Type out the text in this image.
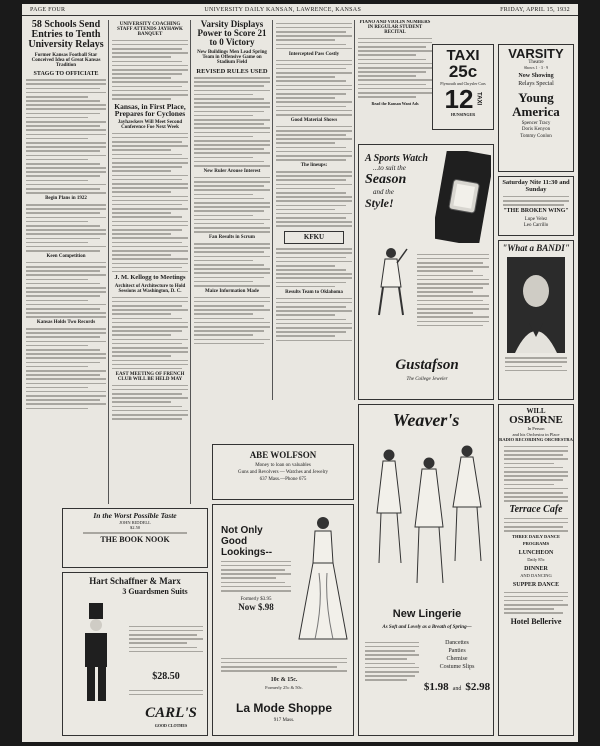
PAGE FOUR	UNIVERSITY DAILY KANSAN, LAWRENCE, KANSAS	FRIDAY, APRIL 15, 1932
58 Schools Send Entries to Tenth University Relays
Former Kansas Football Star Conceived Idea of Great Kansas Tradition
STAGG TO OFFICIATE
Begin Plans in 1922
Keen Competition
Kansas Holds Two Records
UNIVERSITY COACHING STAFF ATTENDS JAYHAWK BANQUET
Kansas, in First Place, Prepares for Cyclones
Jayhawkers Will Meet Second Conference Foe Next Week
J. M. Kellogg to Meetings
Architect of Architecture to Hold Sessions at Washington, D. C.
EAST MEETING OF FRENCH CLUB WILL BE HELD MAY
Varsity Displays Power to Score 21 to 0 Victory
New Buildings Men Lead Spring Team in Offensive Game on Stadium Field
REVISED RULES USED
New Ruler Arouse Interest
Fan Results in Scrum
Maize Information Made
Intercepted Pass Costly
Good Material Shows
The lineups:
KFKU
Results Team to Oklahoma
PIANO AND VIOLIN NUMBERS IN REGULAR STUDENT RECITAL
Read the Kansan Want Ads
TAXI
25c
Plymouth and Chrysler Cars
12 TAXI
HUNSINGER
VARSITY
Theatre
Shows 1 · 3 · 9
Now Showing
Relays Special
Young America
Spencer Tracy
Doris Kenyon
Tommy Conlon
Saturday Nite 11:30 and Sunday
"THE BROKEN WING"
Lupe Velez
Leo Carrillo
A Sports Watch
...to suit the
Season
and the
Style!
Gustafson
The College Jeweler
"What a BANDI"
WILL
OSBORNE
In Person
and his Orchestra in Place
RADIO RECORDING ORCHESTRA
Terrace Cafe
THREE DAILY DANCE PROGRAMS
LUNCHEON
Daily 85c
DINNER
AND DANCING
SUPPER DANCE
Hotel Bellerive
In the Worst Possible Taste
JOHN RIDDELL
$2.50
THE BOOK NOOK
Hart Schaffner & Marx
3 Guardsmen Suits
$28.50
CARL'S
GOOD CLOTHES
ABE WOLFSON
Money to loan on valuables
Guns and Revolvers — Watches and Jewelry
637 Mass.—Phone 675
Not Only
Good Lookings--
Formerly $3.95
Now $.98
10c & 15c.
Formerly 25c & 50c.
La Mode Shoppe
917 Mass.
Weaver's
New Lingerie
As Soft and Lovely as a Breath of Spring—
Dancettes
Panties
Chemise
Costume Slips
$1.98 and $2.98
